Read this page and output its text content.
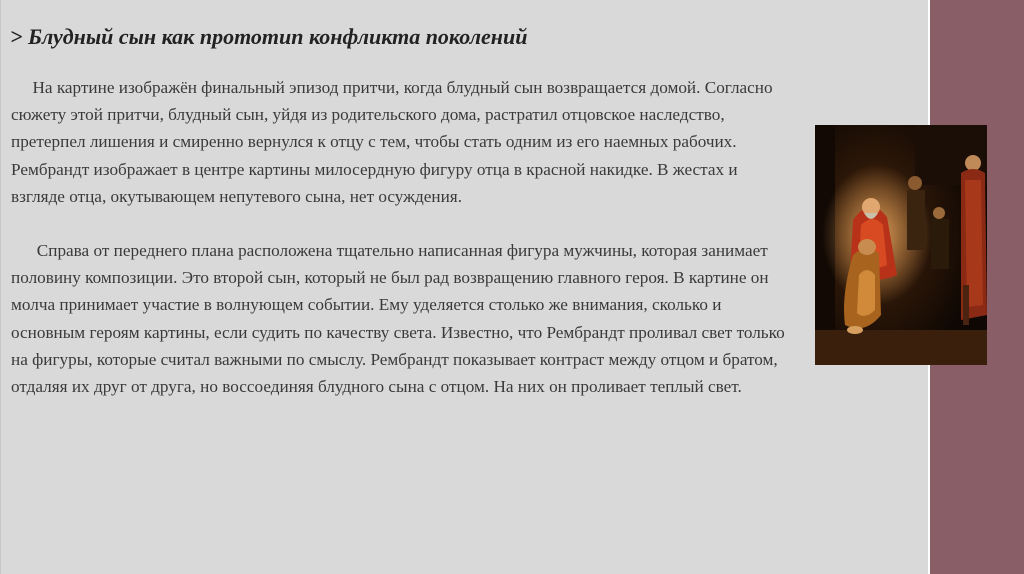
> Блудный сын как прототип конфликта поколений

На картине изображён финальный эпизод притчи, когда блудный сын возвращается домой. Согласно сюжету этой притчи, блудный сын, уйдя из родительского дома, растратил отцовское наследство, претерпел лишения и смиренно вернулся к отцу с тем, чтобы стать одним из его наемных рабочих. Рембрандт изображает в центре картины милосердную фигуру отца в красной накидке. В жестах и взгляде отца, окутывающем непутевого сына, нет осуждения.

Справа от переднего плана расположена тщательно написанная фигура мужчины, которая занимает половину композиции. Это второй сын, который не был рад возвращению главного героя. В картине он молча принимает участие в волнующем событии. Ему уделяется столько же внимания, сколько и основным героям картины, если судить по качеству света. Известно, что Рембрандт проливал свет только на фигуры, которые считал важными по смыслу. Рембрандт показывает контраст между отцом и братом, отдаляя их друг от друга, но воссоединяя блудного сына с отцом. На них он проливает теплый свет.
